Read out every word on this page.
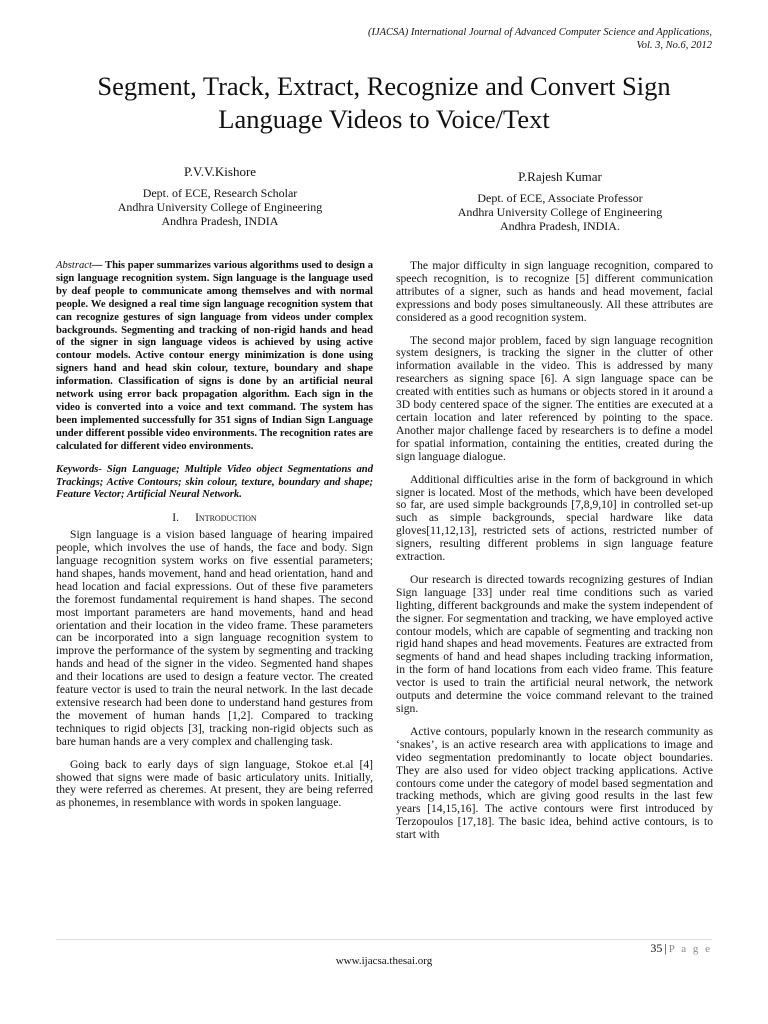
(IJACSA) International Journal of Advanced Computer Science and Applications,
Vol. 3, No.6, 2012
Segment, Track, Extract, Recognize and Convert Sign
Language Videos to Voice/Text
P.V.V.Kishore
Dept. of ECE, Research Scholar
Andhra University College of Engineering
Andhra Pradesh, INDIA
P.Rajesh Kumar
Dept. of ECE, Associate Professor
Andhra University College of Engineering
Andhra Pradesh, INDIA.

Abstract— This paper summarizes various algorithms used to design a sign language recognition system. Sign language is the language used by deaf people to communicate among themselves and with normal people. We designed a real time sign language recognition system that can recognize gestures of sign language from videos under complex backgrounds. Segmenting and tracking of non-rigid hands and head of the signer in sign language videos is achieved by using active contour models. Active contour energy minimization is done using signers hand and head skin colour, texture, boundary and shape information. Classification of signs is done by an artificial neural network using error back propagation algorithm. Each sign in the video is converted into a voice and text command. The system has been implemented successfully for 351 signs of Indian Sign Language under different possible video environments. The recognition rates are calculated for different video environments.

Keywords- Sign Language; Multiple Video object Segmentations and Trackings; Active Contours; skin colour, texture, boundary and shape; Feature Vector; Artificial Neural Network.

I. Introduction

Sign language is a vision based language of hearing impaired people, which involves the use of hands, the face and body. Sign language recognition system works on five essential parameters; hand shapes, hands movement, hand and head orientation, hand and head location and facial expressions. Out of these five parameters the foremost fundamental requirement is hand shapes. The second most important parameters are hand movements, hand and head orientation and their location in the video frame. These parameters can be incorporated into a sign language recognition system to improve the performance of the system by segmenting and tracking hands and head of the signer in the video. Segmented hand shapes and their locations are used to design a feature vector. The created feature vector is used to train the neural network. In the last decade extensive research had been done to understand hand gestures from the movement of human hands [1,2]. Compared to tracking techniques to rigid objects [3], tracking non-rigid objects such as bare human hands are a very complex and challenging task.

Going back to early days of sign language, Stokoe et.al [4] showed that signs were made of basic articulatory units. Initially, they were referred as cheremes. At present, they are being referred as phonemes, in resemblance with words in spoken language.

The major difficulty in sign language recognition, compared to speech recognition, is to recognize [5] different communication attributes of a signer, such as hands and head movement, facial expressions and body poses simultaneously. All these attributes are considered as a good recognition system.

The second major problem, faced by sign language recognition system designers, is tracking the signer in the clutter of other information available in the video. This is addressed by many researchers as signing space [6]. A sign language space can be created with entities such as humans or objects stored in it around a 3D body centered space of the signer. The entities are executed at a certain location and later referenced by pointing to the space. Another major challenge faced by researchers is to define a model for spatial information, containing the entities, created during the sign language dialogue.

Additional difficulties arise in the form of background in which signer is located. Most of the methods, which have been developed so far, are used simple backgrounds [7,8,9,10] in controlled set-up such as simple backgrounds, special hardware like data gloves[11,12,13], restricted sets of actions, restricted number of signers, resulting different problems in sign language feature extraction.

Our research is directed towards recognizing gestures of Indian Sign language [33] under real time conditions such as varied lighting, different backgrounds and make the system independent of the signer. For segmentation and tracking, we have employed active contour models, which are capable of segmenting and tracking non rigid hand shapes and head movements. Features are extracted from segments of hand and head shapes including tracking information, in the form of hand locations from each video frame. This feature vector is used to train the artificial neural network, the network outputs and determine the voice command relevant to the trained sign.

Active contours, popularly known in the research community as ‘snakes’, is an active research area with applications to image and video segmentation predominantly to locate object boundaries. They are also used for video object tracking applications. Active contours come under the category of model based segmentation and tracking methods, which are giving good results in the last few years [14,15,16]. The active contours were first introduced by Terzopoulos [17,18]. The basic idea, behind active contours, is to start with

35 | P a g e
www.ijacsa.thesai.org
